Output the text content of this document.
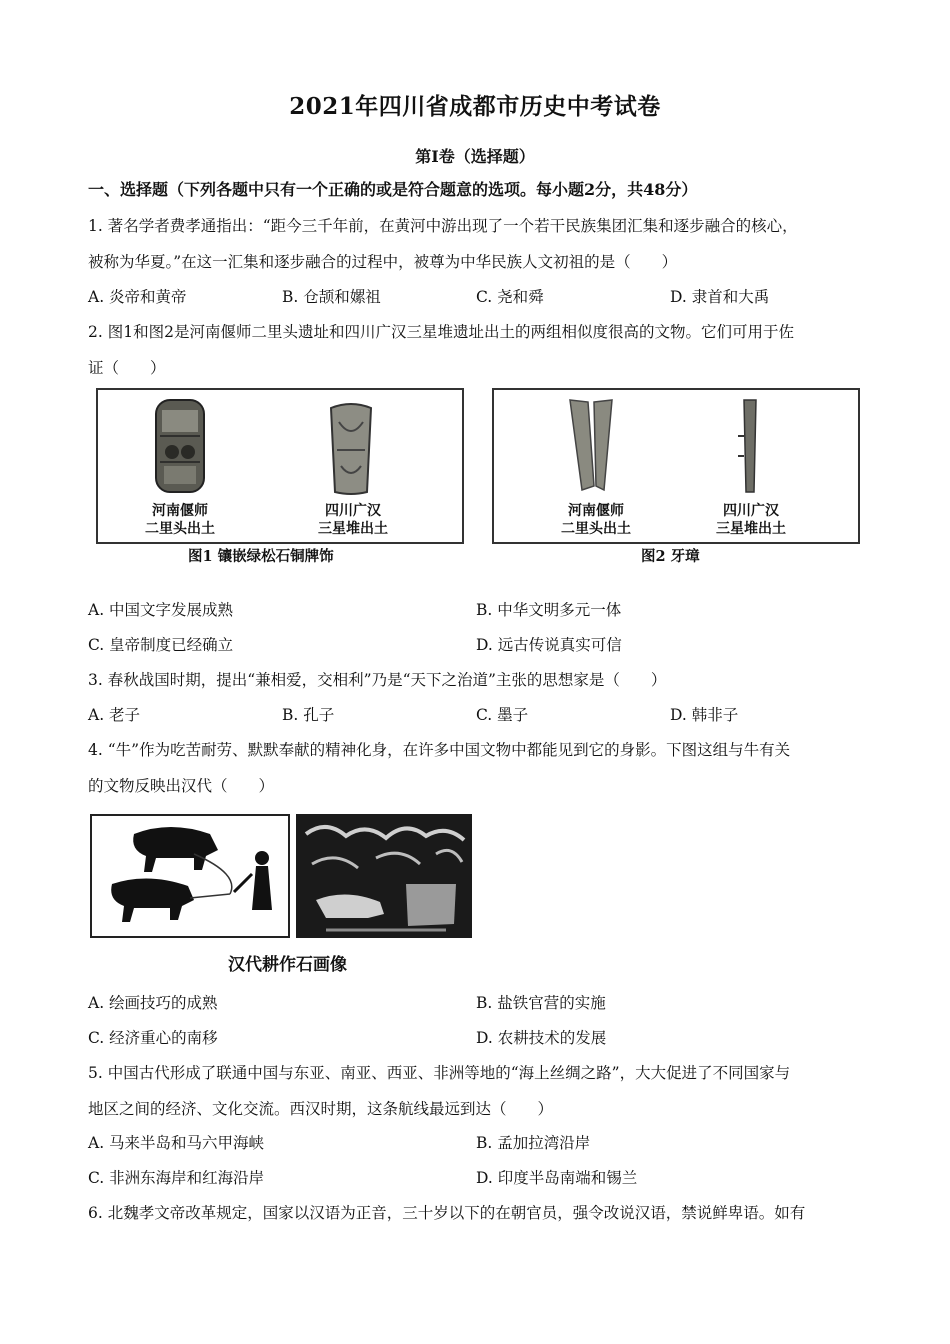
2021年四川省成都市历史中考试卷
第Ⅰ卷（选择题）
一、选择题（下列各题中只有一个正确的或是符合题意的选项。每小题2分，共48分）
1. 著名学者费孝通指出：“距今三千年前，在黄河中游出现了一个若干民族集团汇集和逐步融合的核心，
被称为华夏。”在这一汇集和逐步融合的过程中，被尊为中华民族人文初祖的是（　　）
A. 炎帝和黄帝	B. 仓颉和嫘祖	C. 尧和舜	D. 隶首和大禹
2. 图1和图2是河南偃师二里头遗址和四川广汉三星堆遗址出土的两组相似度很高的文物。它们可用于佐
证（　　）
河南偃师
二里头出土
四川广汉
三星堆出土
图1 镶嵌绿松石铜牌饰
河南偃师
二里头出土
四川广汉
三星堆出土
图2 牙璋
A. 中国文字发展成熟	B. 中华文明多元一体
C. 皇帝制度已经确立	D. 远古传说真实可信
3. 春秋战国时期，提出“兼相爱，交相利”乃是“天下之治道”主张的思想家是（　　）
A. 老子	B. 孔子	C. 墨子	D. 韩非子
4. “牛”作为吃苦耐劳、默默奉献的精神化身，在许多中国文物中都能见到它的身影。下图这组与牛有关
的文物反映出汉代（　　）
汉代耕作石画像
A. 绘画技巧的成熟	B. 盐铁官营的实施
C. 经济重心的南移	D. 农耕技术的发展
5. 中国古代形成了联通中国与东亚、南亚、西亚、非洲等地的“海上丝绸之路”，大大促进了不同国家与
地区之间的经济、文化交流。西汉时期，这条航线最远到达（　　）
A. 马来半岛和马六甲海峡	B. 孟加拉湾沿岸
C. 非洲东海岸和红海沿岸	D. 印度半岛南端和锡兰
6. 北魏孝文帝改革规定，国家以汉语为正音，三十岁以下的在朝官员，强令改说汉语，禁说鲜卑语。如有
